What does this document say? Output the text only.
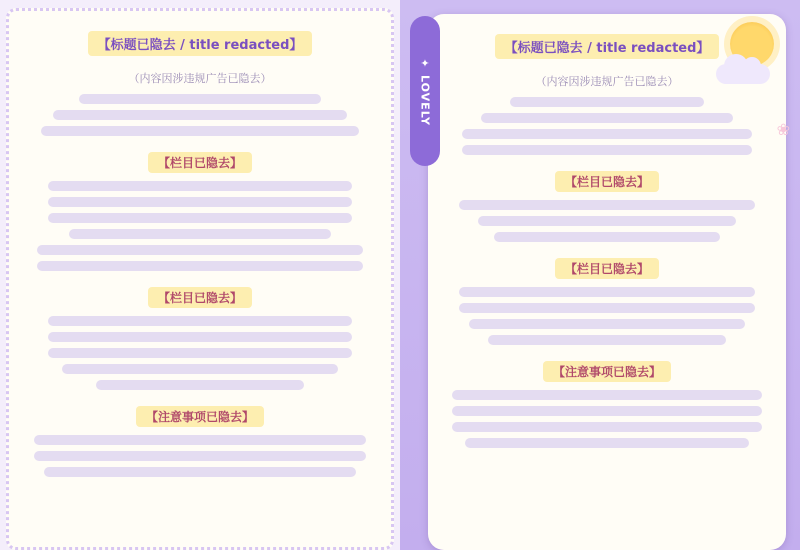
【标题已隐去 / title redacted】
（内容因涉违规广告已隐去）
【栏目已隐去】
【栏目已隐去】
【注意事项已隐去】
【标题已隐去 / title redacted】
（内容因涉违规广告已隐去）
【栏目已隐去】
【栏目已隐去】
【注意事项已隐去】
✦
LOVELY
❀
